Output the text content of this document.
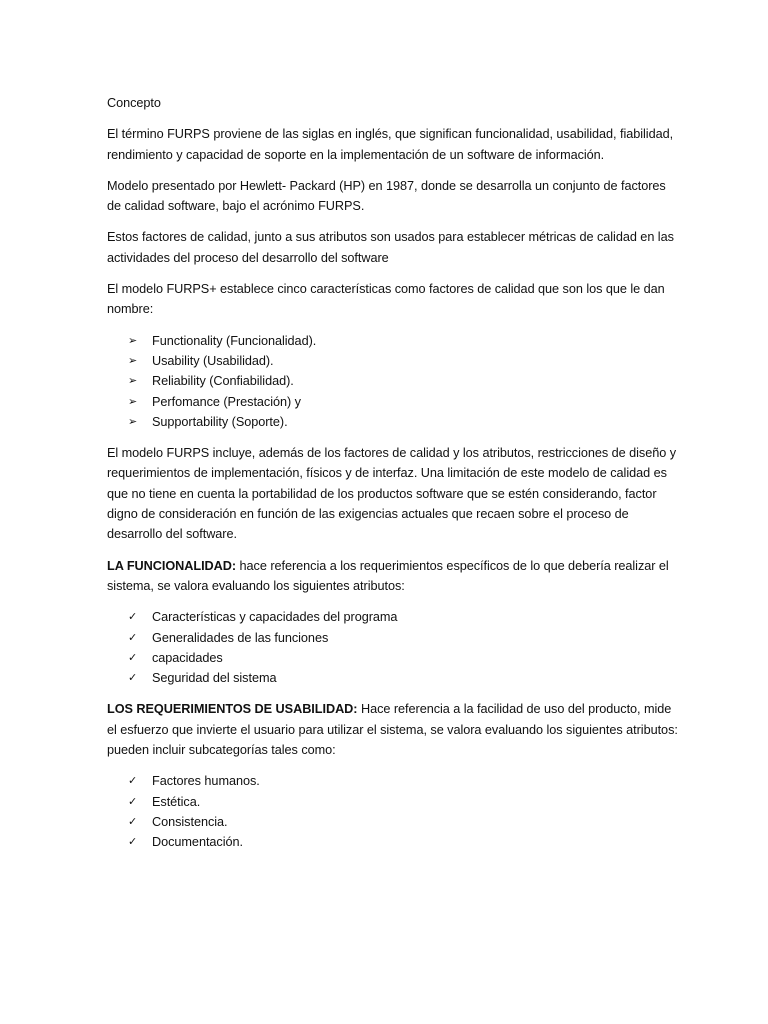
Concepto

El término FURPS proviene de las siglas en inglés, que significan funcionalidad, usabilidad, fiabilidad, rendimiento y capacidad de soporte en la implementación de un software de información.

Modelo presentado por Hewlett- Packard (HP) en 1987, donde se desarrolla un conjunto de factores de calidad software, bajo el acrónimo FURPS.

Estos factores de calidad, junto a sus atributos son usados para establecer métricas de calidad en las actividades del proceso del desarrollo del software

El modelo FURPS+ establece cinco características como factores de calidad que son los que le dan nombre:

➢	Functionality (Funcionalidad).
➢	Usability (Usabilidad).
➢	Reliability (Confiabilidad).
➢	Perfomance (Prestación) y
➢	Supportability (Soporte).

El modelo FURPS incluye, además de los factores de calidad y los atributos, restricciones de diseño y requerimientos de implementación, físicos y de interfaz. Una limitación de este modelo de calidad es que no tiene en cuenta la portabilidad de los productos software que se estén considerando, factor digno de consideración en función de las exigencias actuales que recaen sobre el proceso de desarrollo del software.

LA FUNCIONALIDAD: hace referencia a los requerimientos específicos de lo que debería realizar el sistema, se valora evaluando los siguientes atributos:

✓	Características y capacidades del programa
✓	Generalidades de las funciones
✓	capacidades
✓	Seguridad del sistema

LOS REQUERIMIENTOS DE USABILIDAD: Hace referencia a la facilidad de uso del producto, mide el esfuerzo que invierte el usuario para utilizar el sistema, se valora evaluando los siguientes atributos: pueden incluir subcategorías tales como:

✓	Factores humanos.
✓	Estética.
✓	Consistencia.
✓	Documentación.
